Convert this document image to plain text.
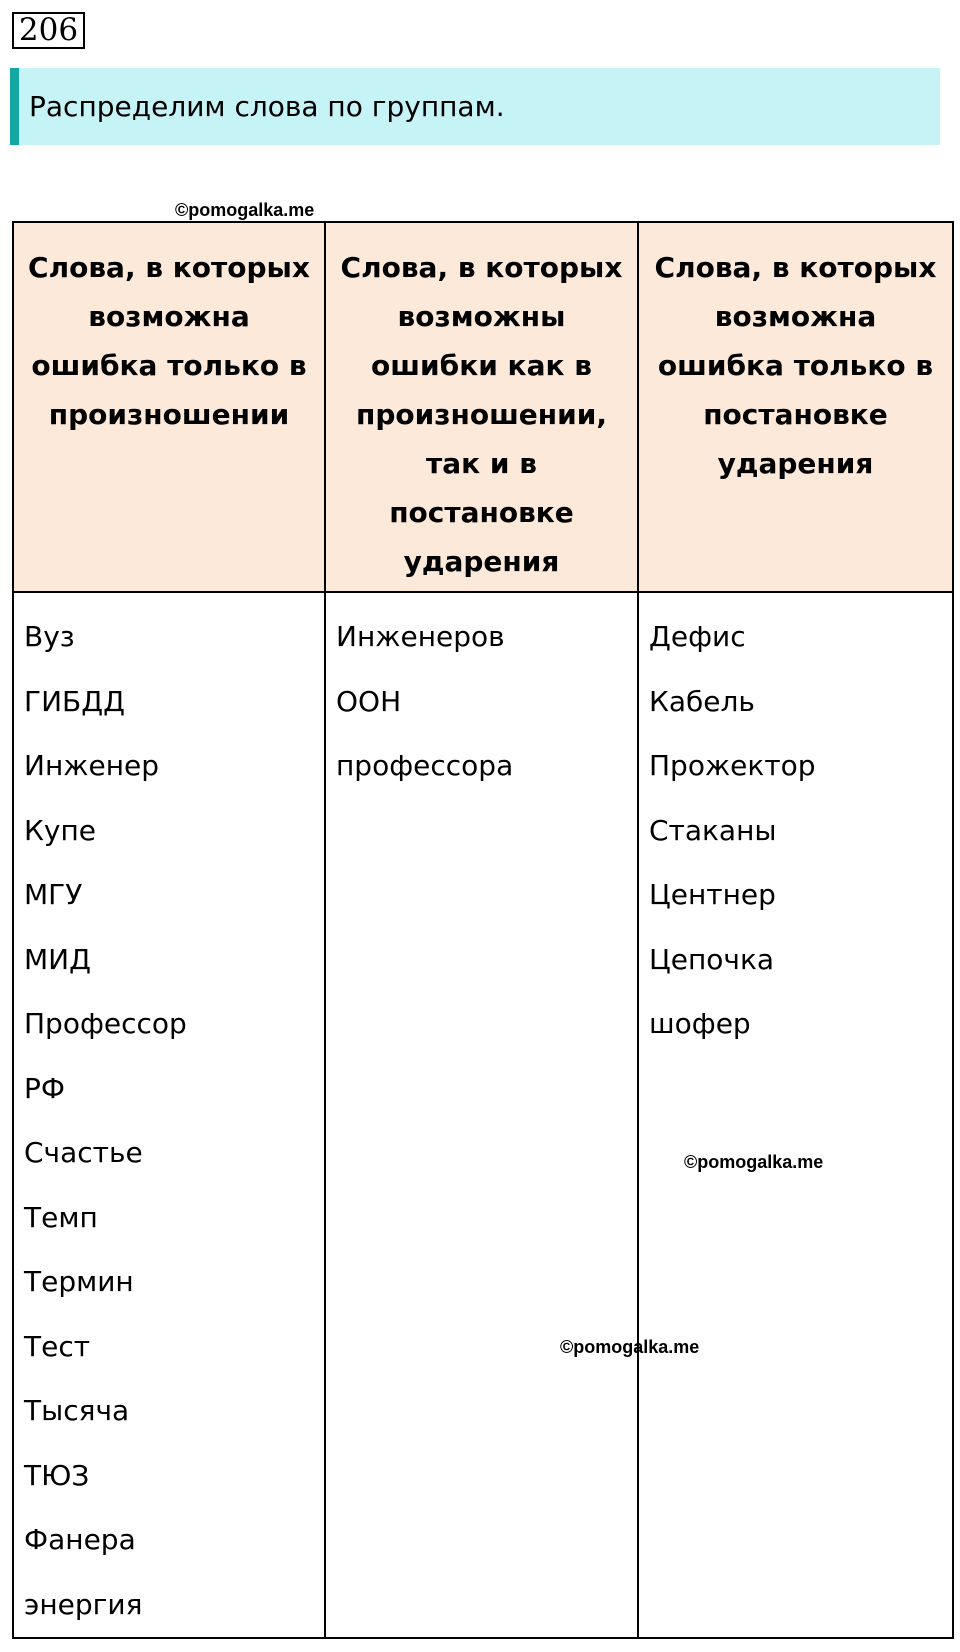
206
Распределим слова по группам.
©pomogalka.me
Слова, в которых возможна ошибка только в произношении
Слова, в которых возможны ошибки как в произношении, так и в постановке ударения
Слова, в которых возможна ошибка только в постановке ударения
Вуз
ГИБДД
Инженер
Купе
МГУ
МИД
Профессор
РФ
Счастье
Темп
Термин
Тест
Тысяча
ТЮЗ
Фанера
энергия
Инженеров
ООН
профессора
Дефис
Кабель
Прожектор
Стаканы
Центнер
Цепочка
шофер
©pomogalka.me
©pomogalka.me
